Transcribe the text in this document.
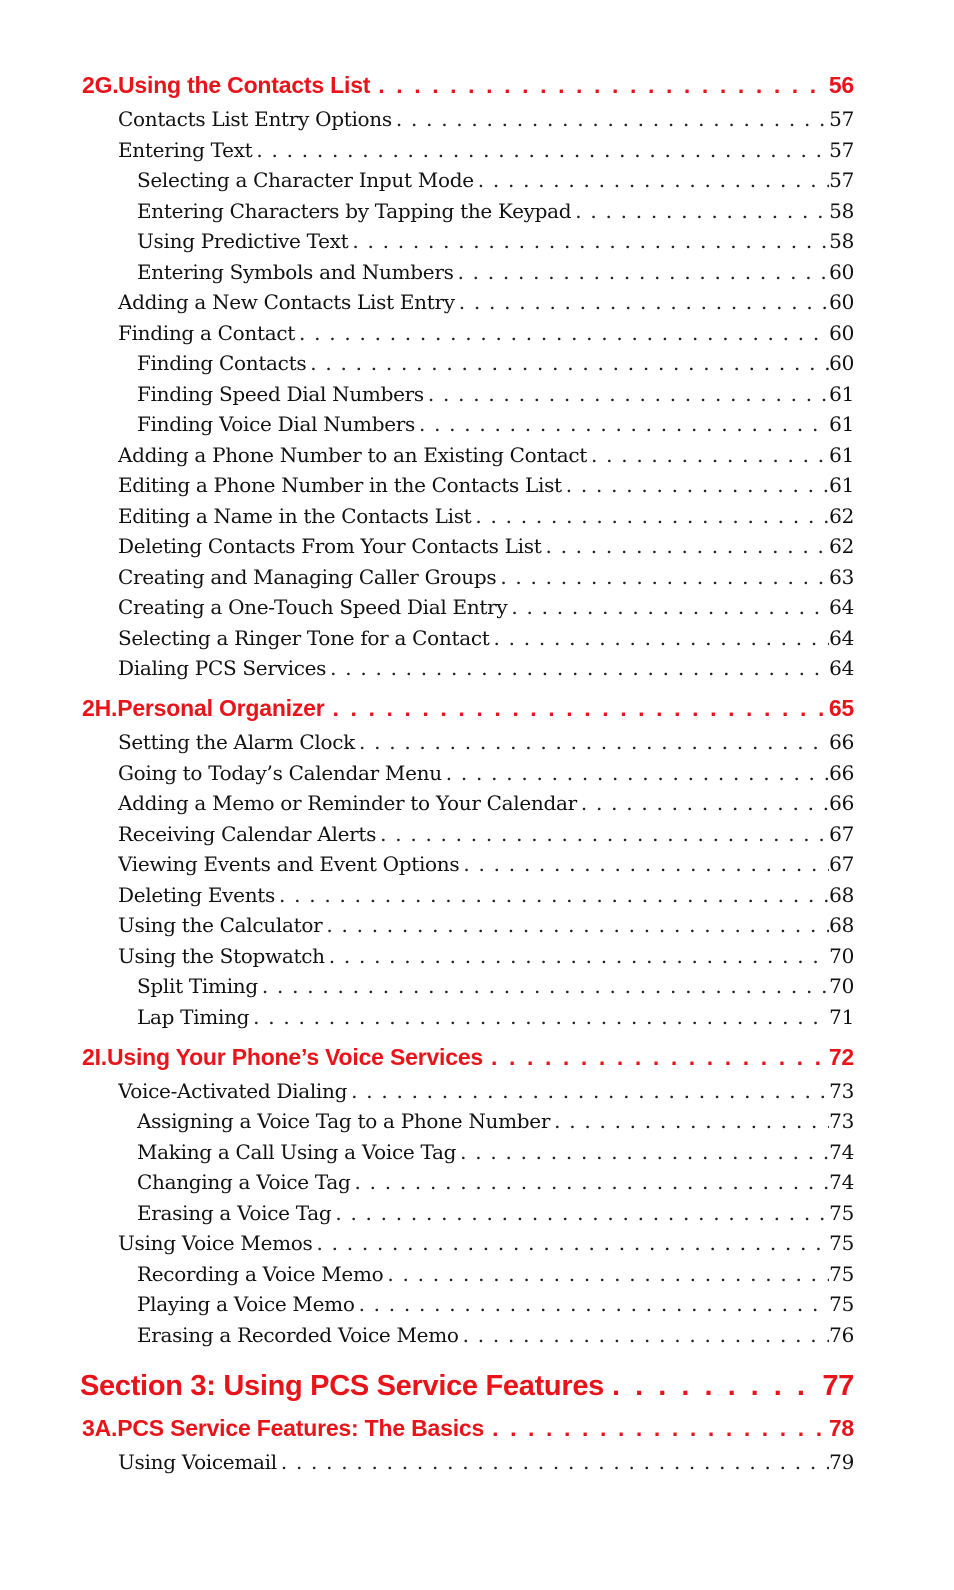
2G. Using the Contacts List . . .	56
Contacts List Entry Options . . .	57
Entering Text . . .	57
Selecting a Character Input Mode . . .	57
Entering Characters by Tapping the Keypad . . .	58
Using Predictive Text . . .	58
Entering Symbols and Numbers . . .	60
Adding a New Contacts List Entry . . .	60
Finding a Contact . . .	60
Finding Contacts . . .	60
Finding Speed Dial Numbers . . .	61
Finding Voice Dial Numbers . . .	61
Adding a Phone Number to an Existing Contact . . .	61
Editing a Phone Number in the Contacts List . . .	61
Editing a Name in the Contacts List . . .	62
Deleting Contacts From Your Contacts List . . .	62
Creating and Managing Caller Groups . . .	63
Creating a One-Touch Speed Dial Entry . . .	64
Selecting a Ringer Tone for a Contact . . .	64
Dialing PCS Services . . .	64
2H. Personal Organizer . . .	65
Setting the Alarm Clock . . .	66
Going to Today’s Calendar Menu . . .	66
Adding a Memo or Reminder to Your Calendar . . .	66
Receiving Calendar Alerts . . .	67
Viewing Events and Event Options . . .	67
Deleting Events . . .	68
Using the Calculator . . .	68
Using the Stopwatch . . .	70
Split Timing . . .	70
Lap Timing . . .	71
2I. Using Your Phone’s Voice Services . . .	72
Voice-Activated Dialing . . .	73
Assigning a Voice Tag to a Phone Number . . .	73
Making a Call Using a Voice Tag . . .	74
Changing a Voice Tag . . .	74
Erasing a Voice Tag . . .	75
Using Voice Memos . . .	75
Recording a Voice Memo . . .	75
Playing a Voice Memo . . .	75
Erasing a Recorded Voice Memo . . .	76
Section 3: Using PCS Service Features . . .	77
3A. PCS Service Features: The Basics . . .	78
Using Voicemail . . .	79
